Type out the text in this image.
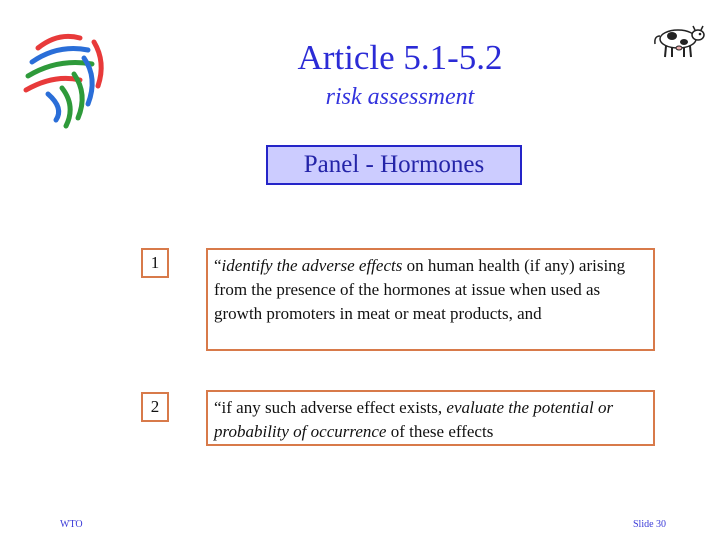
Article 5.1-5.2
risk assessment
Panel - Hormones
1	“identify the adverse effects on human health (if any) arising from the presence of the hormones at issue when used as growth promoters in meat or meat products, and
2	“if any such adverse effect exists, evaluate the potential or probability of occurrence of these effects
WTO	Slide 30
